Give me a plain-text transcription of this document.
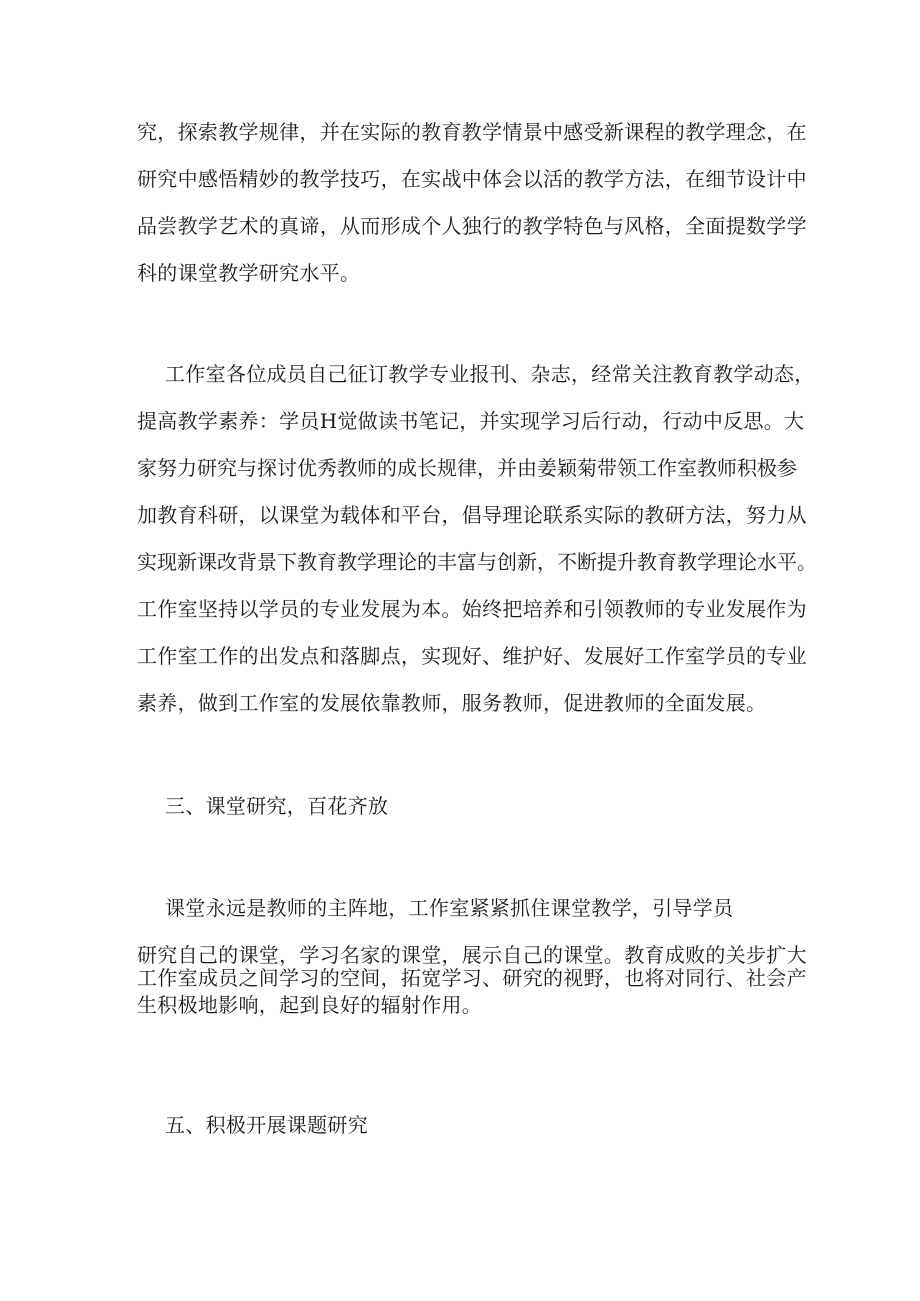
究，探索教学规律，并在实际的教育教学情景中感受新课程的教学理念，在
研究中感悟精妙的教学技巧，在实战中体会以活的教学方法，在细节设计中
品尝教学艺术的真谛，从而形成个人独行的教学特色与风格，全面提数学学
科的课堂教学研究水平。
工作室各位成员自己征订教学专业报刊、杂志，经常关注教育教学动态，
提高教学素养：学员H觉做读书笔记，并实现学习后行动，行动中反思。大
家努力研究与探讨优秀教师的成长规律，并由姜颖菊带领工作室教师积极参
加教育科研，以课堂为载体和平台，倡导理论联系实际的教研方法，努力从
实现新课改背景下教育教学理论的丰富与创新，不断提升教育教学理论水平。
工作室坚持以学员的专业发展为本。始终把培养和引领教师的专业发展作为
工作室工作的出发点和落脚点，实现好、维护好、发展好工作室学员的专业
素养，做到工作室的发展依靠教师，服务教师，促进教师的全面发展。
三、课堂研究，百花齐放
课堂永远是教师的主阵地，工作室紧紧抓住课堂教学，引导学员
研究自己的课堂，学习名家的课堂，展示自己的课堂。教育成败的关步扩大
工作室成员之间学习的空间，拓宽学习、研究的视野，也将对同行、社会产
生积极地影响，起到良好的辐射作用。
五、积极开展课题研究
